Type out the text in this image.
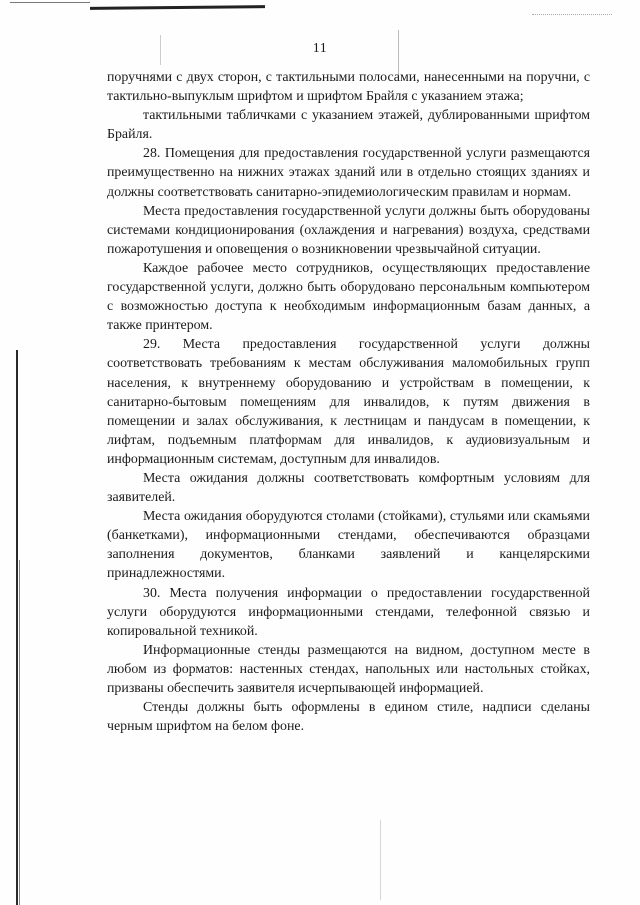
11

поручнями с двух сторон, с тактильными полосами, нанесенными на поручни, с тактильно-выпуклым шрифтом и шрифтом Брайля с указанием этажа;

тактильными табличками с указанием этажей, дублированными шрифтом Брайля.

28. Помещения для предоставления государственной услуги размещаются преимущественно на нижних этажах зданий или в отдельно стоящих зданиях и должны соответствовать санитарно-эпидемиологическим правилам и нормам.

Места предоставления государственной услуги должны быть оборудованы системами кондиционирования (охлаждения и нагревания) воздуха, средствами пожаротушения и оповещения о возникновении чрезвычайной ситуации.

Каждое рабочее место сотрудников, осуществляющих предоставление государственной услуги, должно быть оборудовано персональным компьютером с возможностью доступа к необходимым информационным базам данных, а также принтером.

29. Места предоставления государственной услуги должны соответствовать требованиям к местам обслуживания маломобильных групп населения, к внутреннему оборудованию и устройствам в помещении, к санитарно-бытовым помещениям для инвалидов, к путям движения в помещении и залах обслуживания, к лестницам и пандусам в помещении, к лифтам, подъемным платформам для инвалидов, к аудиовизуальным и информационным системам, доступным для инвалидов.

Места ожидания должны соответствовать комфортным условиям для заявителей.

Места ожидания оборудуются столами (стойками), стульями или скамьями (банкетками), информационными стендами, обеспечиваются образцами заполнения документов, бланками заявлений и канцелярскими принадлежностями.

30. Места получения информации о предоставлении государственной услуги оборудуются информационными стендами, телефонной связью и копировальной техникой.

Информационные стенды размещаются на видном, доступном месте в любом из форматов: настенных стендах, напольных или настольных стойках, призваны обеспечить заявителя исчерпывающей информацией.

Стенды должны быть оформлены в едином стиле, надписи сделаны черным шрифтом на белом фоне.
